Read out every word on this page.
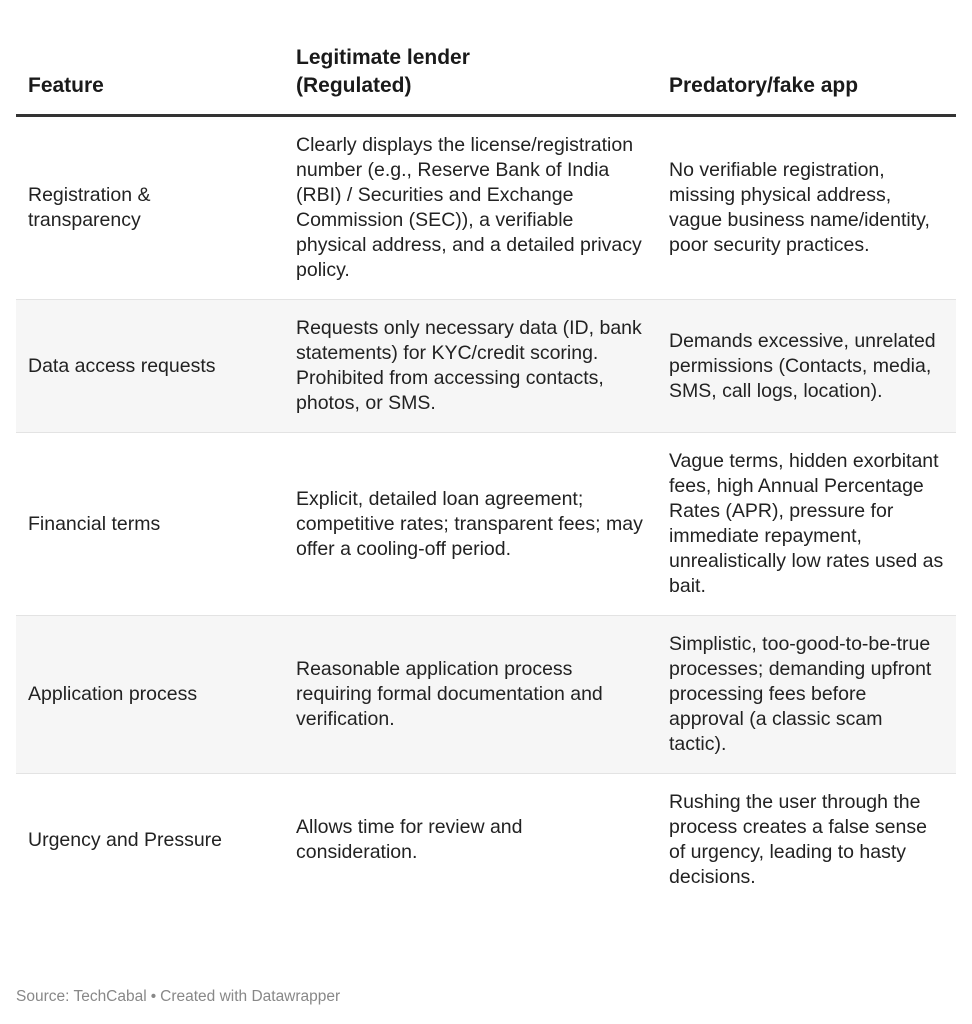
Feature	Legitimate lender (Regulated)	Predatory/fake app
Registration & transparency	Clearly displays the license/registration number (e.g., Reserve Bank of India (RBI) / Securities and Exchange Commission (SEC)), a verifiable physical address, and a detailed privacy policy.	No verifiable registration, missing physical address, vague business name/identity, poor security practices.
Data access requests	Requests only necessary data (ID, bank statements) for KYC/credit scoring. Prohibited from accessing contacts, photos, or SMS.	Demands excessive, unrelated permissions (Contacts, media, SMS, call logs, location).
Financial terms	Explicit, detailed loan agreement; competitive rates; transparent fees; may offer a cooling-off period.	Vague terms, hidden exorbitant fees, high Annual Percentage Rates (APR), pressure for immediate repayment, unrealistically low rates used as bait.
Application process	Reasonable application process requiring formal documentation and verification.	Simplistic, too-good-to-be-true processes; demanding upfront processing fees before approval (a classic scam tactic).
Urgency and Pressure	Allows time for review and consideration.	Rushing the user through the process creates a false sense of urgency, leading to hasty decisions.
Source: TechCabal • Created with Datawrapper
